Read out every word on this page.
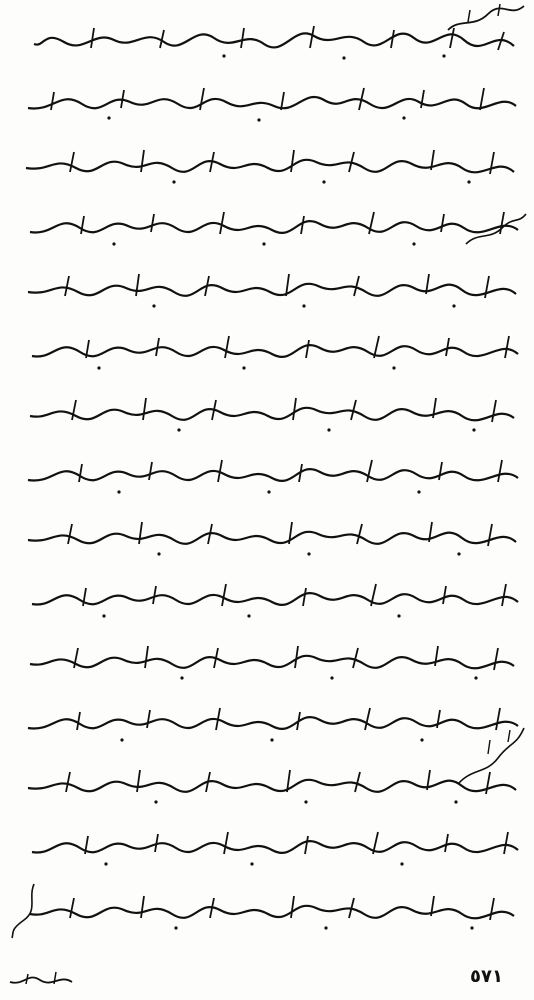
٥٧١
